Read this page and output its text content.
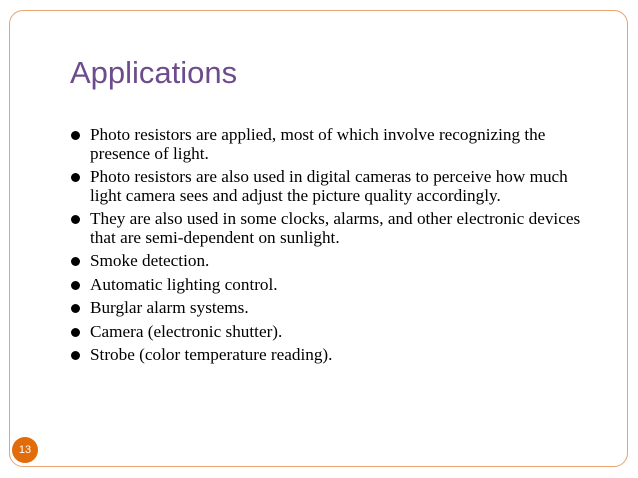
Applications
Photo resistors are applied, most of which involve recognizing the presence of light.
Photo resistors are also used in digital cameras to perceive how much light camera sees and adjust the picture quality accordingly.
They are also used in some clocks, alarms, and other electronic devices that are semi-dependent on sunlight.
Smoke detection.
Automatic lighting control.
Burglar alarm systems.
Camera (electronic shutter).
Strobe (color temperature reading).
13
